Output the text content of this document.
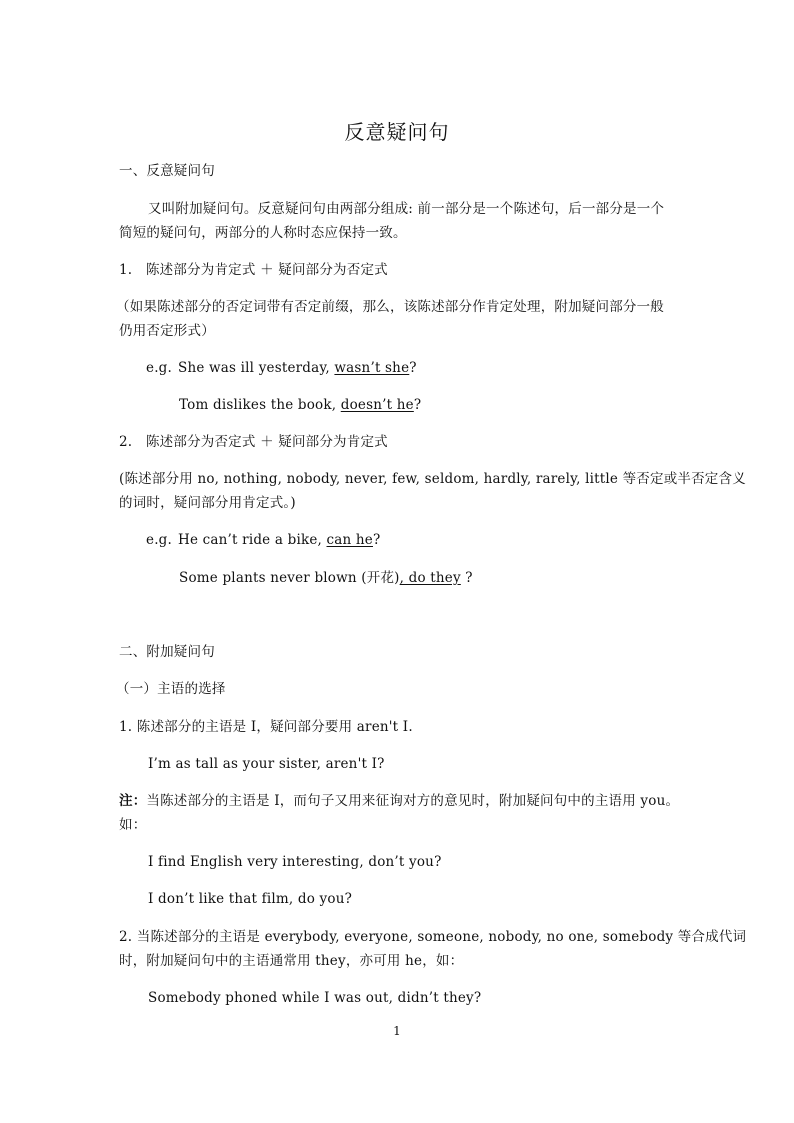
反意疑问句
一、反意疑问句
又叫附加疑问句。反意疑问句由两部分组成: 前一部分是一个陈述句，后一部分是一个
简短的疑问句，两部分的人称时态应保持一致。
1.　陈述部分为肯定式 ＋ 疑问部分为否定式
（如果陈述部分的否定词带有否定前缀，那么，该陈述部分作肯定处理，附加疑问部分一般
仍用否定形式）
e.g. She was ill yesterday, wasn’t she?
Tom dislikes the book, doesn’t he?
2.　陈述部分为否定式 ＋ 疑问部分为肯定式
(陈述部分用 no, nothing, nobody, never, few, seldom, hardly, rarely, little 等否定或半否定含义
的词时，疑问部分用肯定式。)
e.g. He can’t ride a bike, can he?
Some plants never blown (开花), do they ?
二、附加疑问句
（一）主语的选择
1. 陈述部分的主语是 I，疑问部分要用 aren't I.
I’m as tall as your sister, aren't I?
注：当陈述部分的主语是 I，而句子又用来征询对方的意见时，附加疑问句中的主语用 you。
如：
I find English very interesting, don’t you?
I don’t like that film, do you?
2. 当陈述部分的主语是 everybody, everyone, someone, nobody, no one, somebody 等合成代词
时，附加疑问句中的主语通常用 they，亦可用 he，如：
Somebody phoned while I was out, didn’t they?
1
